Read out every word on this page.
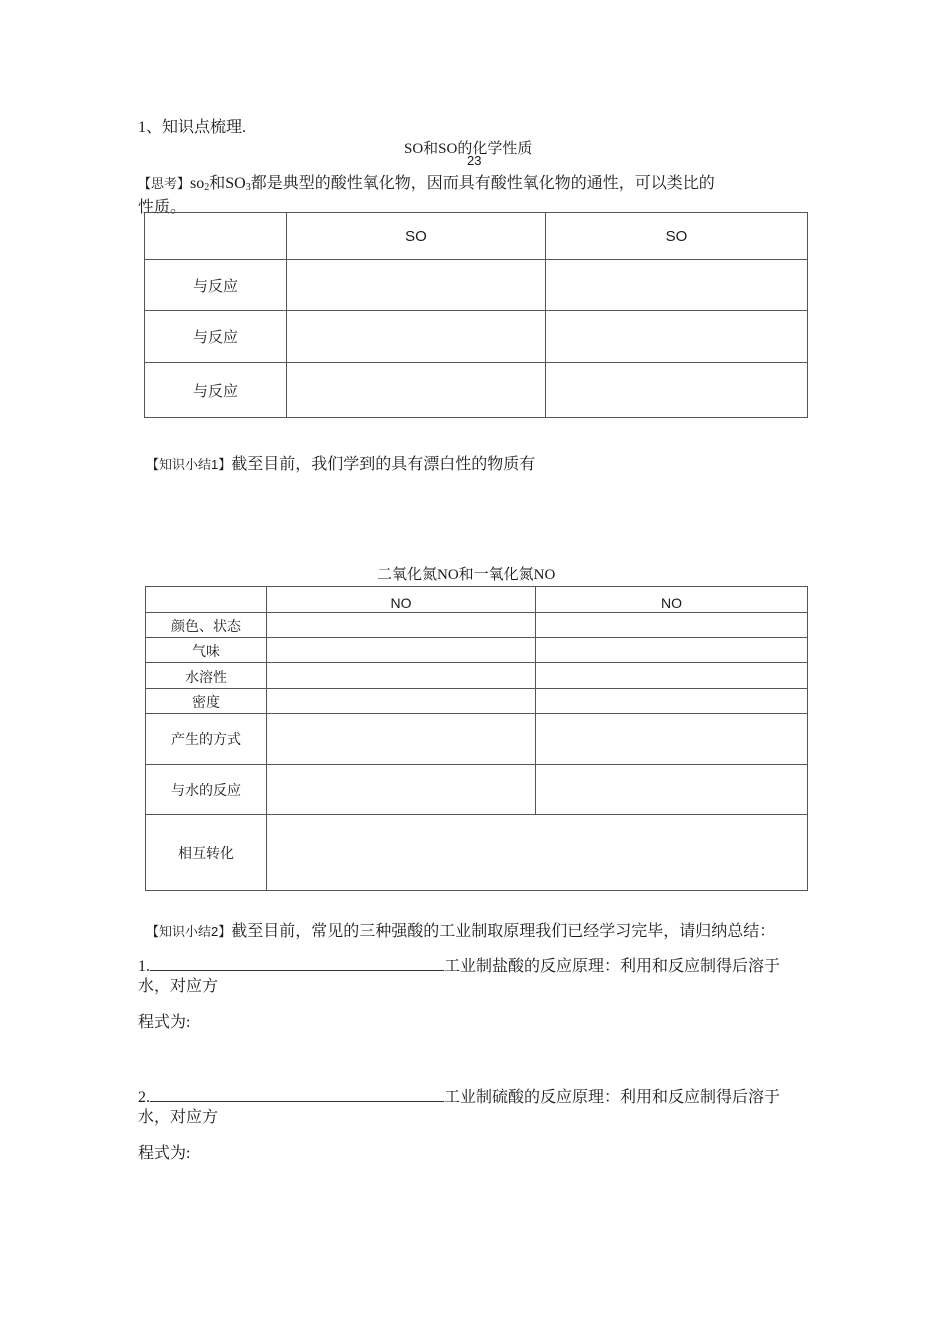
1、知识点梳理.
SO和SO的化学性质
23
【思考】$so_2$和$SO_3$都是典型的酸性氧化物，因而具有酸性氧化物的通性，可以类比的
性质。
	SO	SO
与反应		
与反应		
与反应		
【知识小结1】截至目前，我们学到的具有漂白性的物质有
二氧化氮NO和一氧化氮NO
	NO	NO
颜色、状态		
气味		
水溶性		
密度		
产生的方式		
与水的反应		
相互转化		
【知识小结2】截至目前，常见的三种强酸的工业制取原理我们已经学习完毕，请归纳总结：
1.	工业制盐酸的反应原理：利用和反应制得后溶于
水，对应方
程式为:
2.	工业制硫酸的反应原理：利用和反应制得后溶于
水，对应方
程式为:
